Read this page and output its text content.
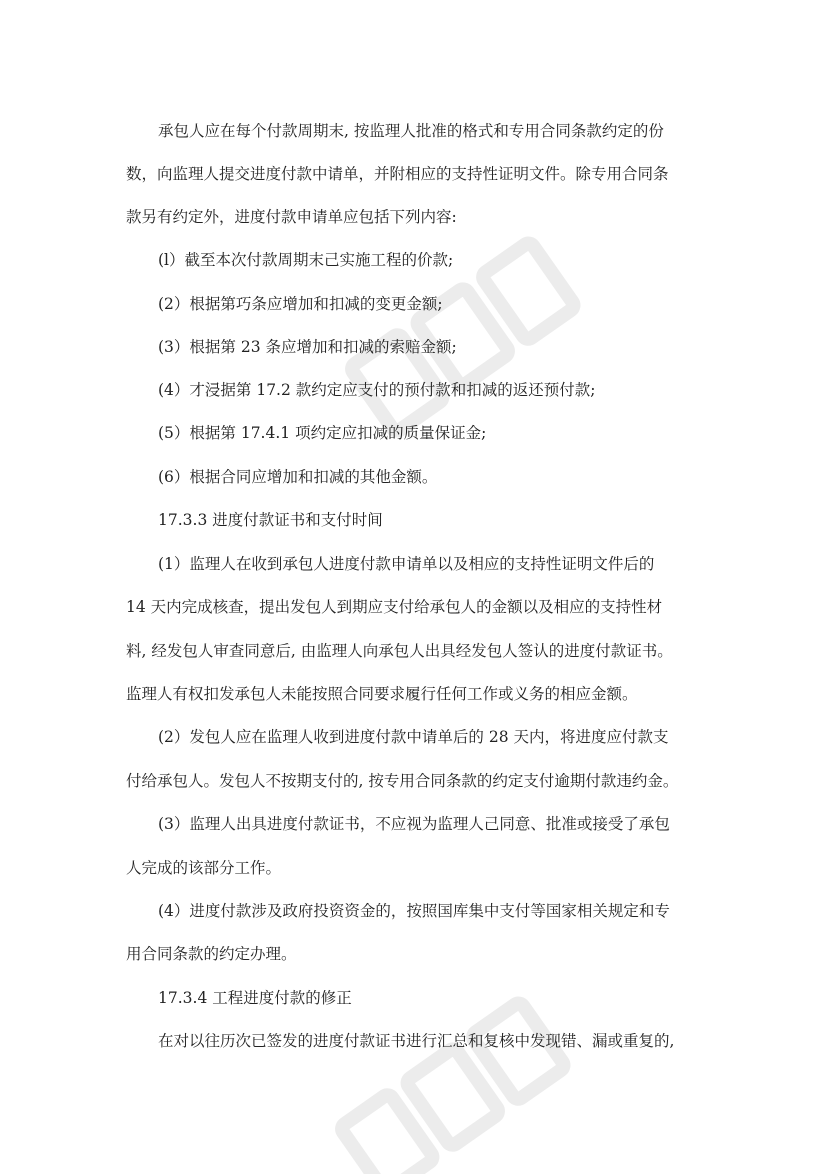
承包人应在每个付款周期末, 按监理人批准的格式和专用合同条款约定的份
数，向监理人提交进度付款中请单，并附相应的支持性证明文件。除专用合同条
款另有约定外，进度付款申请单应包括下列内容:
(l）截至本次付款周期末己实施工程的价款;
(2）根据第巧条应增加和扣减的变更金额;
(3）根据第 23 条应增加和扣减的索赔金额;
(4）才浸据第 17.2 款约定应支付的预付款和扣减的返还预付款;
(5）根据第 17.4.1 项约定应扣减的质量保证金;
(6）根据合同应增加和扣减的其他金额。
17.3.3 进度付款证书和支付时间
(1）监理人在收到承包人进度付款申请单以及相应的支持性证明文件后的
14 天内完成核查，提出发包人到期应支付给承包人的金额以及相应的支持性材
料, 经发包人审查同意后, 由监理人向承包人出具经发包人签认的进度付款证书。
监理人有权扣发承包人未能按照合同要求履行任何工作或义务的相应金额。
(2）发包人应在监理人收到进度付款中请单后的 28 天内，将进度应付款支
付给承包人。发包人不按期支付的, 按专用合同条款的约定支付逾期付款违约金。
(3）监理人出具进度付款证书，不应视为监理人己同意、批准或接受了承包
人完成的该部分工作。
(4）进度付款涉及政府投资资金的，按照国库集中支付等国家相关规定和专
用合同条款的约定办理。
17.3.4 工程进度付款的修正
在对以往历次已签发的进度付款证书进行汇总和复核中发现错、漏或重复的,
